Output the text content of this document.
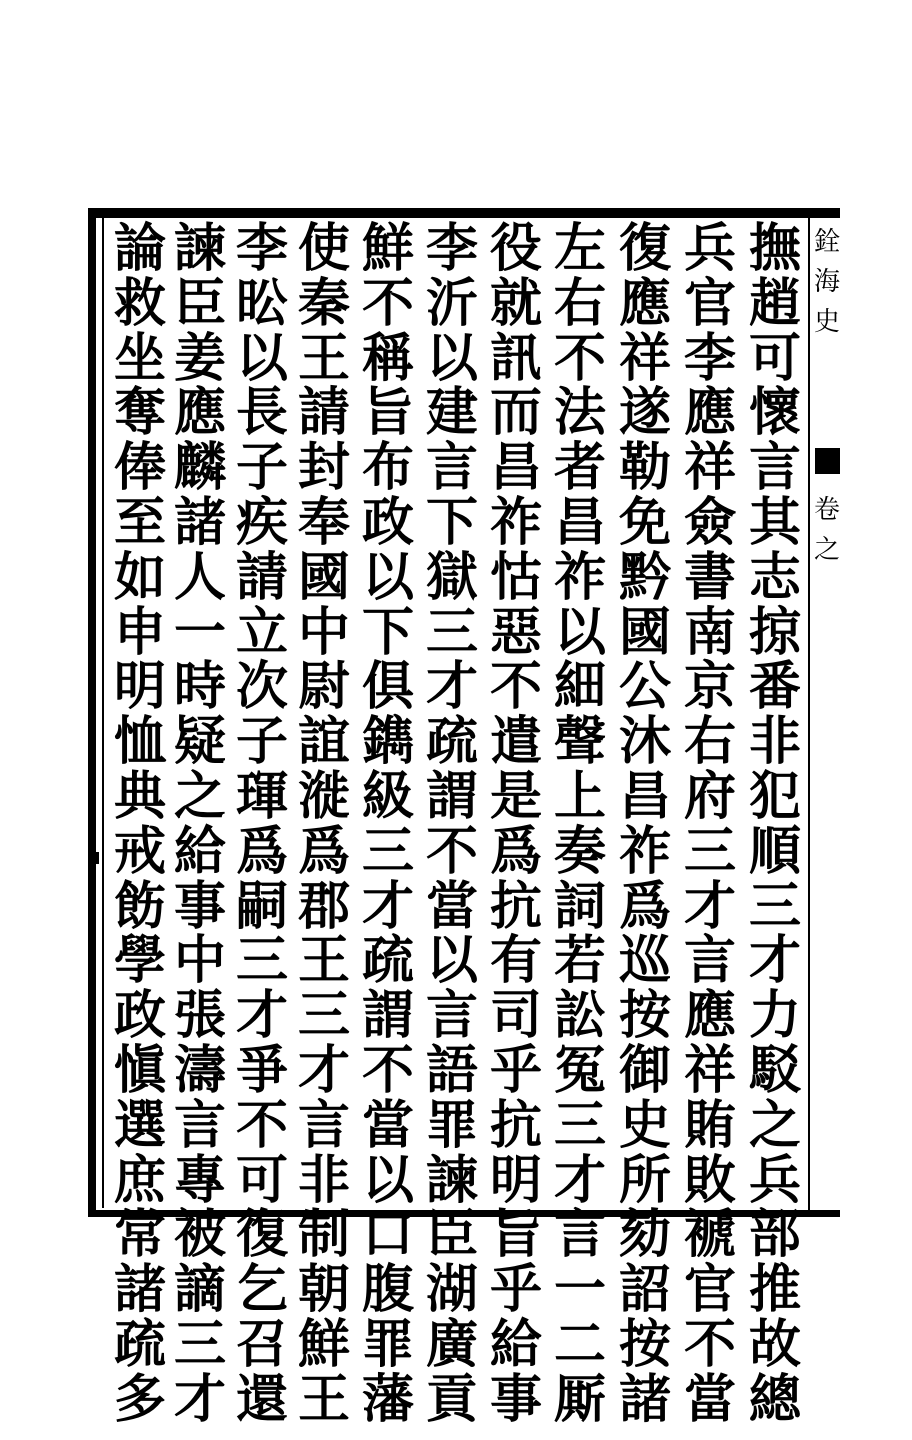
銓海史
卷之
撫趙可懷言其志掠番非犯順三才力駁之兵部推故總
兵官李應祥僉書南京右府三才言應祥賄敗褫官不當
復應祥遂勒免黔國公沐昌祚爲巡按御史所劾詔按諸
左右不法者昌祚以細聲上奏詞若訟冤三才言一二厮
役就訊而昌祚怙惡不遣是爲抗有司乎抗明旨乎給事
李沂以建言下獄三才疏謂不當以言語罪諫臣湖廣貢
鮮不稱旨布政以下俱鐫級三才疏謂不當以口腹罪藩
使秦王請封奉國中尉誼漇爲郡王三才言非制朝鮮王
李昖以長子疾請立次子琿爲嗣三才爭不可復乞召還
諫臣姜應麟諸人一時疑之給事中張濤言專被謫三才
論救坐奪俸至如申明恤典戒飭學政愼選庶常諸疏多
